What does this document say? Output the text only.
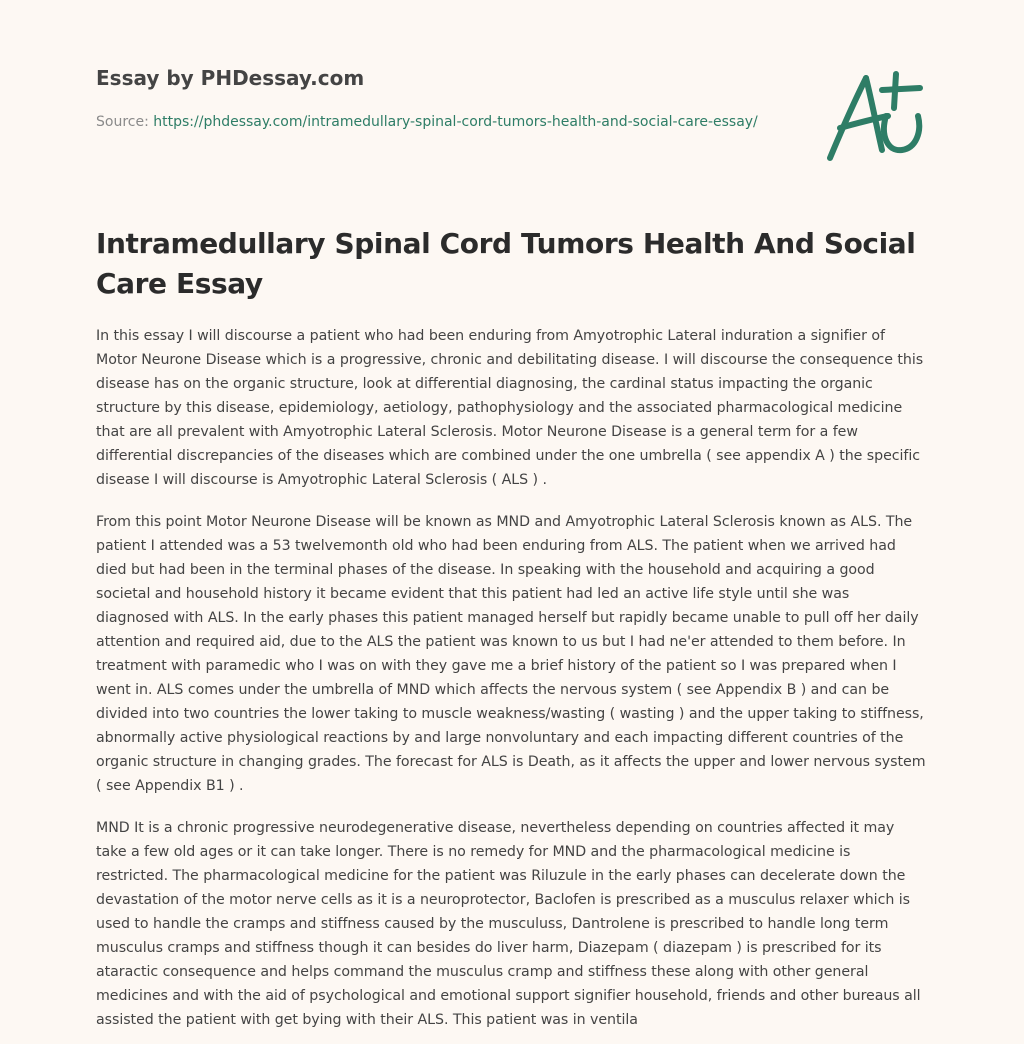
Essay by PHDessay.com
Source: https://phdessay.com/intramedullary-spinal-cord-tumors-health-and-social-care-essay/
Intramedullary Spinal Cord Tumors Health And Social Care Essay

In this essay I will discourse a patient who had been enduring from Amyotrophic Lateral induration a signifier of Motor Neurone Disease which is a progressive, chronic and debilitating disease. I will discourse the consequence this disease has on the organic structure, look at differential diagnosing, the cardinal status impacting the organic structure by this disease, epidemiology, aetiology, pathophysiology and the associated pharmacological medicine that are all prevalent with Amyotrophic Lateral Sclerosis. Motor Neurone Disease is a general term for a few differential discrepancies of the diseases which are combined under the one umbrella ( see appendix A ) the specific disease I will discourse is Amyotrophic Lateral Sclerosis ( ALS ) .

From this point Motor Neurone Disease will be known as MND and Amyotrophic Lateral Sclerosis known as ALS. The patient I attended was a 53 twelvemonth old who had been enduring from ALS. The patient when we arrived had died but had been in the terminal phases of the disease. In speaking with the household and acquiring a good societal and household history it became evident that this patient had led an active life style until she was diagnosed with ALS. In the early phases this patient managed herself but rapidly became unable to pull off her daily attention and required aid, due to the ALS the patient was known to us but I had ne'er attended to them before. In treatment with paramedic who I was on with they gave me a brief history of the patient so I was prepared when I went in. ALS comes under the umbrella of MND which affects the nervous system ( see Appendix B ) and can be divided into two countries the lower taking to muscle weakness/wasting ( wasting ) and the upper taking to stiffness, abnormally active physiological reactions by and large nonvoluntary and each impacting different countries of the organic structure in changing grades. The forecast for ALS is Death, as it affects the upper and lower nervous system ( see Appendix B1 ) .

MND It is a chronic progressive neurodegenerative disease, nevertheless depending on countries affected it may take a few old ages or it can take longer. There is no remedy for MND and the pharmacological medicine is restricted. The pharmacological medicine for the patient was Riluzule in the early phases can decelerate down the devastation of the motor nerve cells as it is a neuroprotector, Baclofen is prescribed as a musculus relaxer which is used to handle the cramps and stiffness caused by the musculuss, Dantrolene is prescribed to handle long term musculus cramps and stiffness though it can besides do liver harm, Diazepam ( diazepam ) is prescribed for its ataractic consequence and helps command the musculus cramp and stiffness these along with other general medicines and with the aid of psychological and emotional support signifier household, friends and other bureaus all assisted the patient with get bying with their ALS. This patient was in ventila
